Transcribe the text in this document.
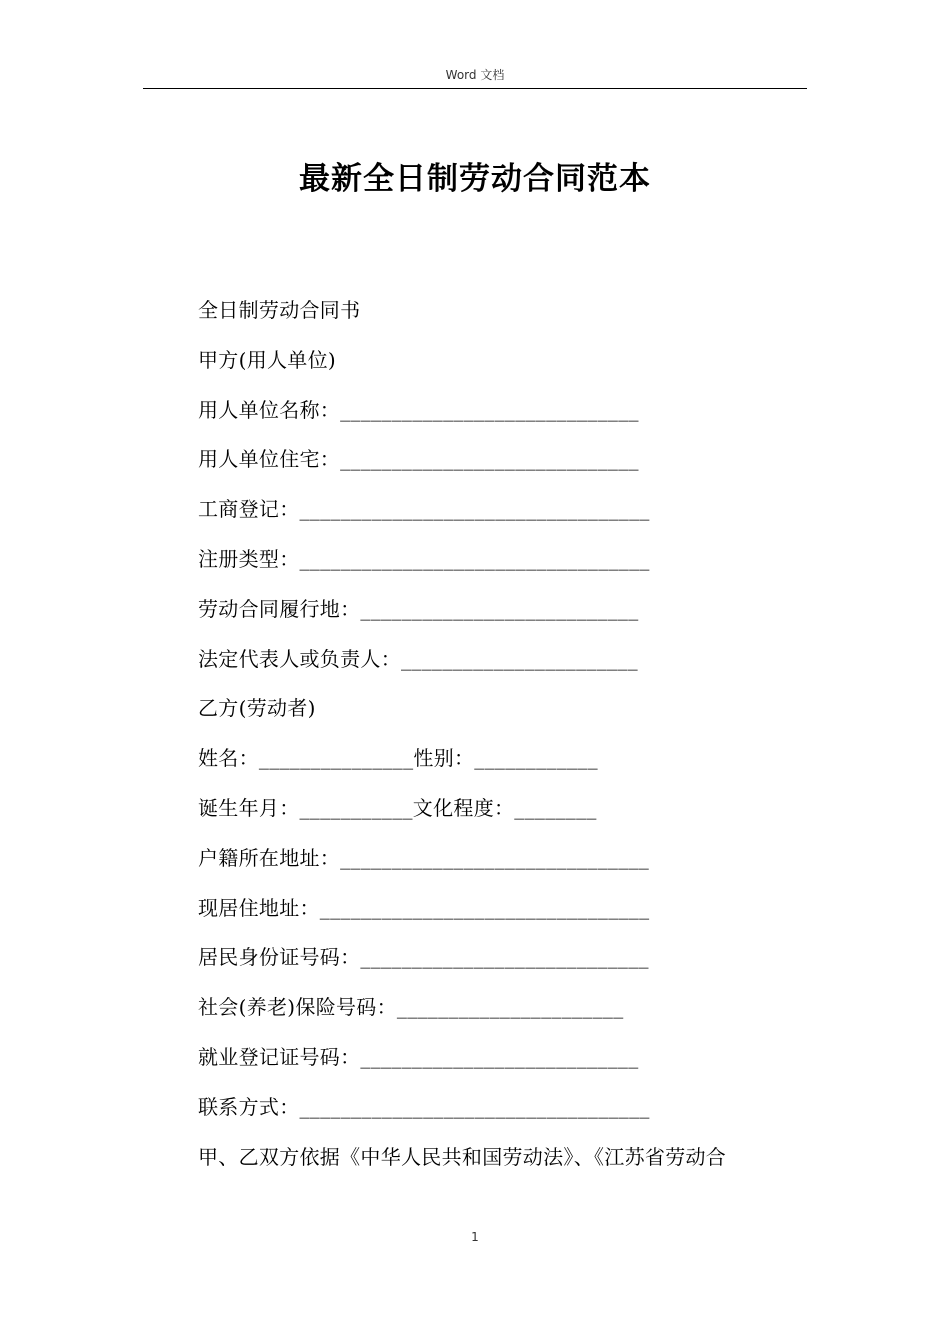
Word 文档
最新全日制劳动合同范本
全日制劳动合同书
甲方(用人单位)
用人单位名称：_____________________________
用人单位住宅：_____________________________
工商登记：__________________________________
注册类型：__________________________________
劳动合同履行地：___________________________
法定代表人或负责人：_______________________
乙方(劳动者)
姓名：_______________性别：____________
诞生年月：___________文化程度：________
户籍所在地址：______________________________
现居住地址：________________________________
居民身份证号码：____________________________
社会(养老)保险号码：______________________
就业登记证号码：___________________________
联系方式：__________________________________
甲、乙双方依据《中华人民共和国劳动法》、《江苏省劳动合
1
